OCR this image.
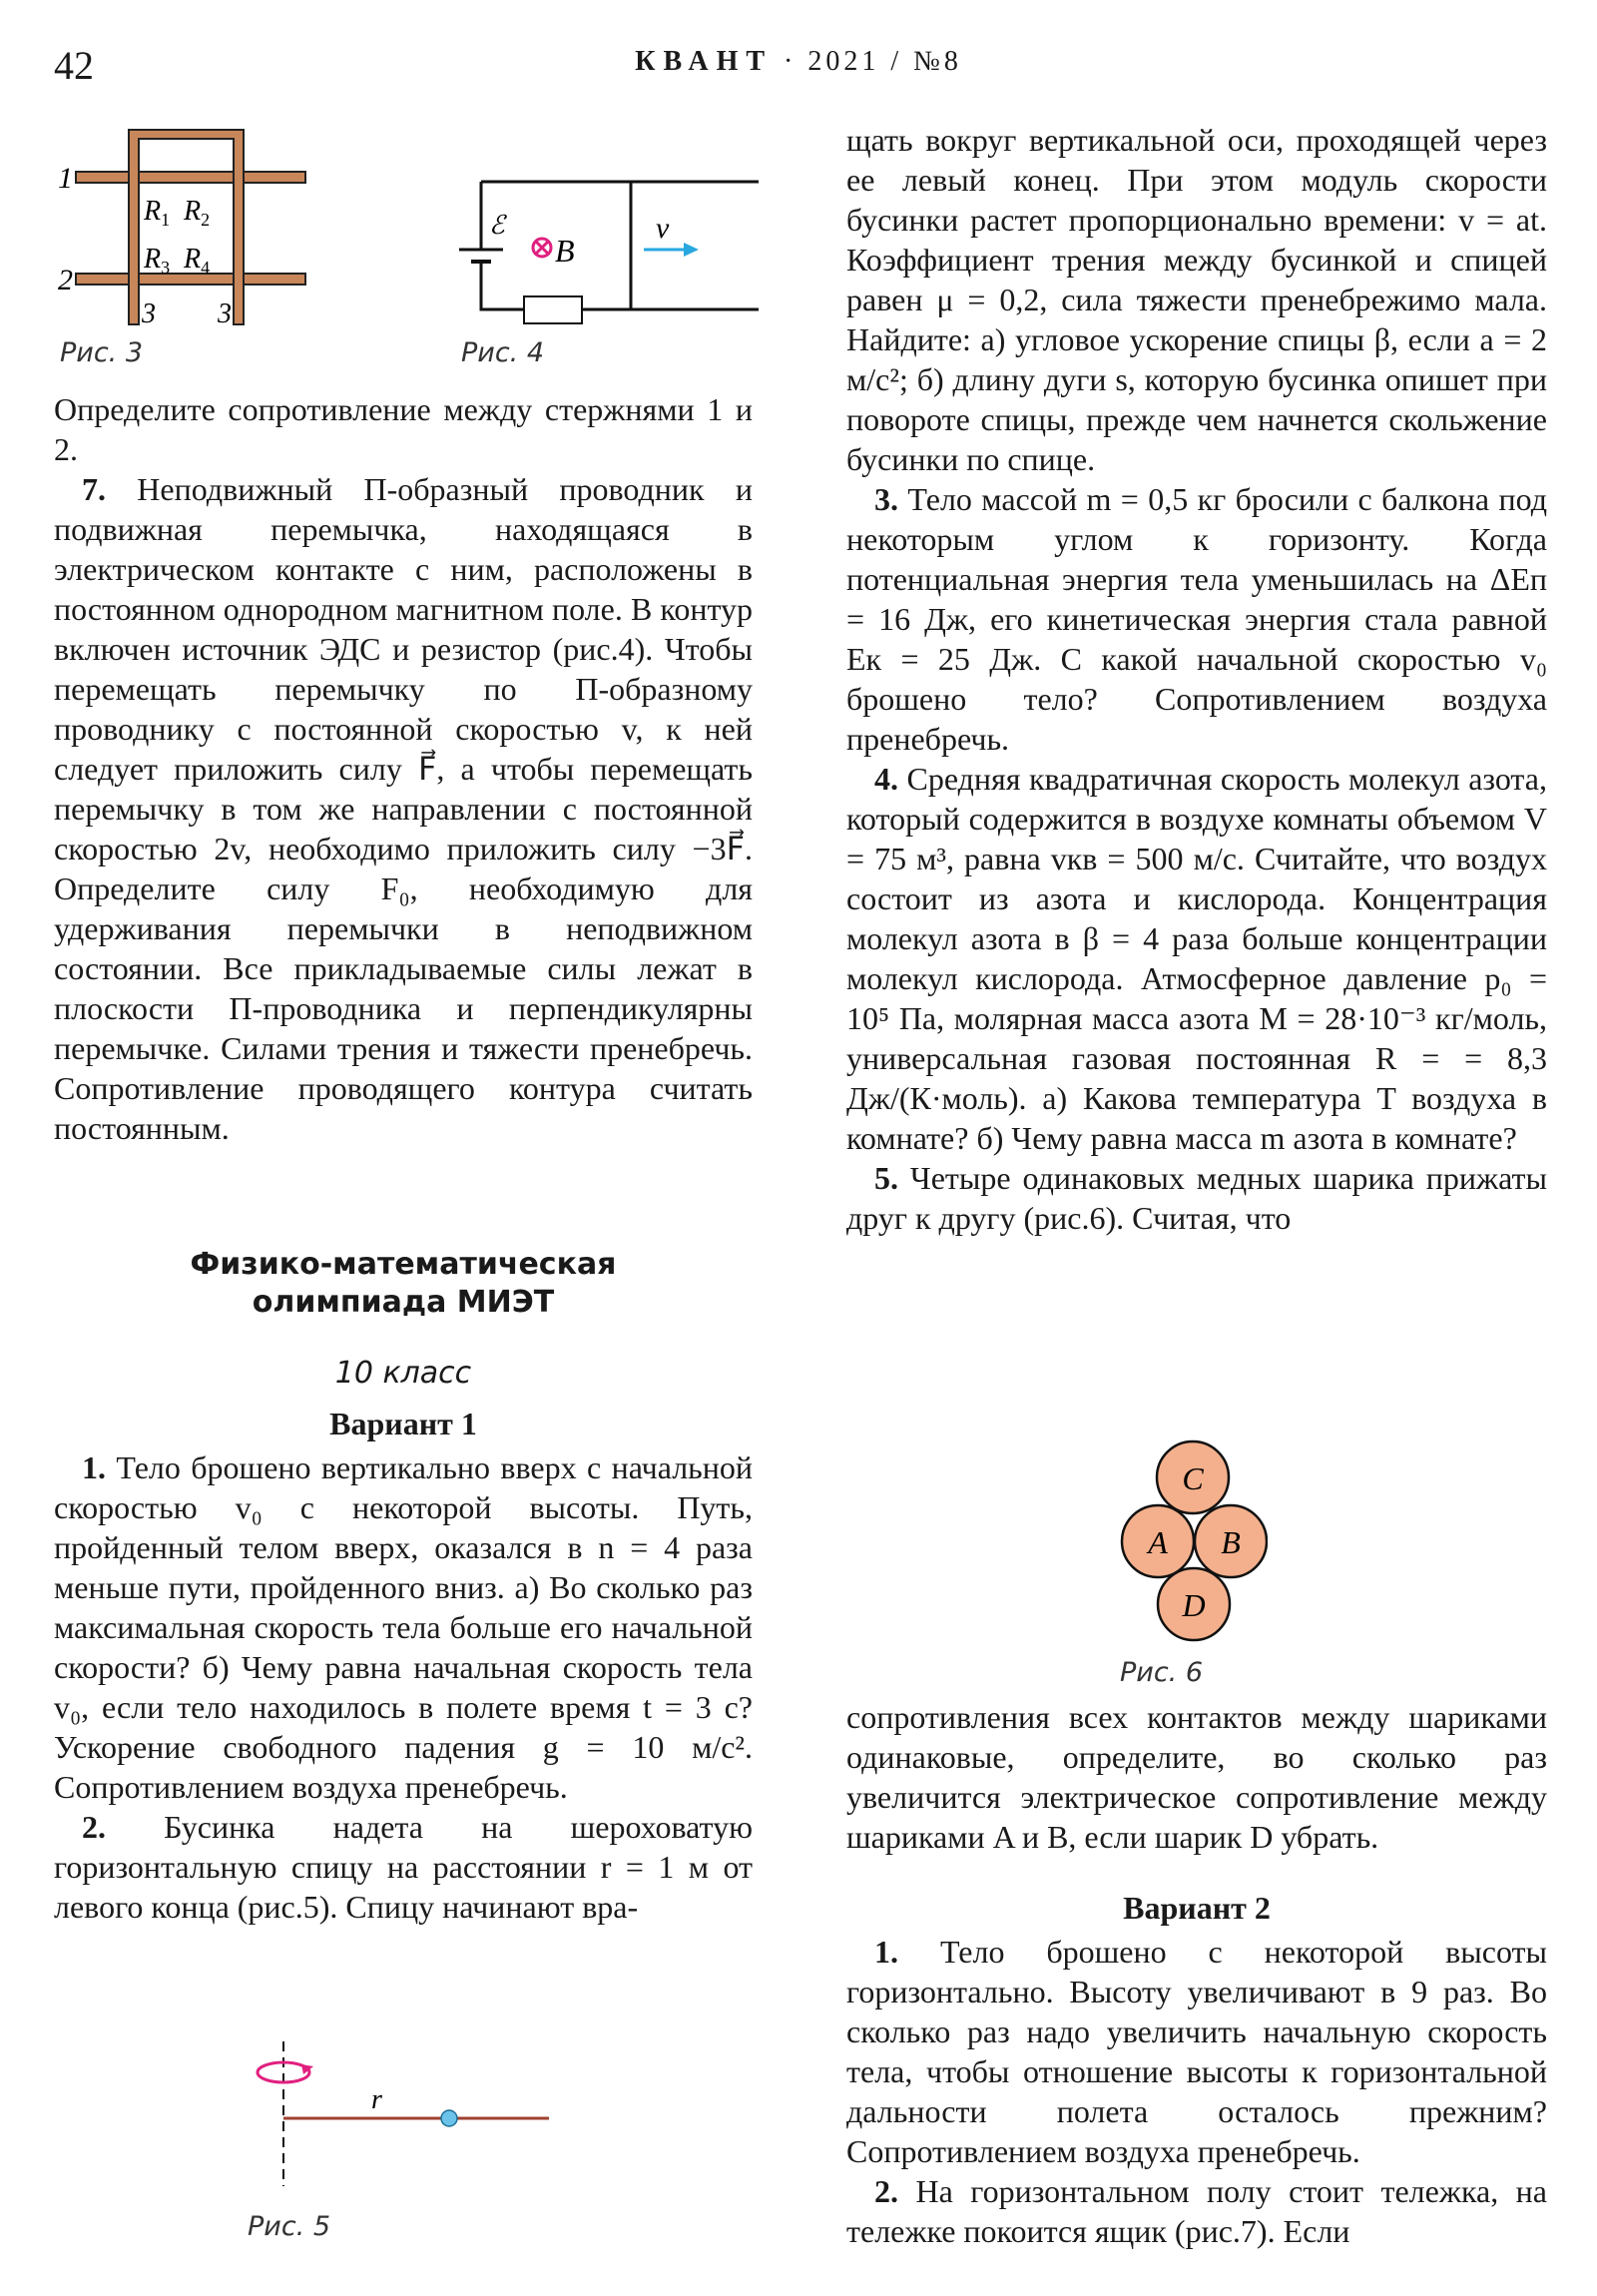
42	КВАНТ · 2021 / №8
1
2
$R_1$ $R_2$
$R_3$ $R_4$
3 3
Рис. 3
ℰ
B
v
Рис. 4

Определите сопротивление между стержнями 1 и 2.

7. Неподвижный П-образный проводник и подвижная перемычка, находящаяся в электрическом контакте с ним, расположены в постоянном однородном магнитном поле. В контур включен источник ЭДС и резистор (рис.4). Чтобы перемещать перемычку по П-образному проводнику с постоянной скоростью v, к ней следует приложить силу F⃗, а чтобы перемещать перемычку в том же направлении с постоянной скоростью 2v, необходимо приложить силу −3F⃗. Определите силу F₀, необходимую для удерживания перемычки в неподвижном состоянии. Все прикладываемые силы лежат в плоскости П-проводника и перпендикулярны перемычке. Силами трения и тяжести пренебречь. Сопротивление проводящего контура считать постоянным.

Физико-математическая
олимпиада МИЭТ
10 класс
Вариант 1

1. Тело брошено вертикально вверх с начальной скоростью v₀ с некоторой высоты. Путь, пройденный телом вверх, оказался в n = 4 раза меньше пути, пройденного вниз. а) Во сколько раз максимальная скорость тела больше его начальной скорости? б) Чему равна начальная скорость тела v₀, если тело находилось в полете время t = 3 с? Ускорение свободного падения g = 10 м/с². Сопротивлением воздуха пренебречь.

2. Бусинка надета на шероховатую горизонтальную спицу на расстоянии r = 1 м от левого конца (рис.5). Спицу начинают вра-

r
Рис. 5

щать вокруг вертикальной оси, проходящей через ее левый конец. При этом модуль скорости бусинки растет пропорционально времени: v = at. Коэффициент трения между бусинкой и спицей равен μ = 0,2, сила тяжести пренебрежимо мала. Найдите: а) угловое ускорение спицы β, если a = 2 м/с²; б) длину дуги s, которую бусинка опишет при повороте спицы, прежде чем начнется скольжение бусинки по спице.

3. Тело массой m = 0,5 кг бросили с балкона под некоторым углом к горизонту. Когда потенциальная энергия тела уменьшилась на ΔEп = 16 Дж, его кинетическая энергия стала равной Eк = 25 Дж. С какой начальной скоростью v₀ брошено тело? Сопротивлением воздуха пренебречь.

4. Средняя квадратичная скорость молекул азота, который содержится в воздухе комнаты объемом V = 75 м³, равна vкв = 500 м/с. Считайте, что воздух состоит из азота и кислорода. Концентрация молекул азота в β = 4 раза больше концентрации молекул кислорода. Атмосферное давление p₀ = 10⁵ Па, молярная масса азота M = 28·10⁻³ кг/моль, универсальная газовая постоянная R = = 8,3 Дж/(К·моль). а) Какова температура T воздуха в комнате? б) Чему равна масса m азота в комнате?

5. Четыре одинаковых медных шарика прижаты друг к другу (рис.6). Считая, что

C
A B
D
Рис. 6

сопротивления всех контактов между шариками одинаковые, определите, во сколько раз увеличится электрическое сопротивление между шариками A и B, если шарик D убрать.

Вариант 2

1. Тело брошено с некоторой высоты горизонтально. Высоту увеличивают в 9 раз. Во сколько раз надо увеличить начальную скорость тела, чтобы отношение высоты к горизонтальной дальности полета осталось прежним? Сопротивлением воздуха пренебречь.

2. На горизонтальном полу стоит тележка, на тележке покоится ящик (рис.7). Если
